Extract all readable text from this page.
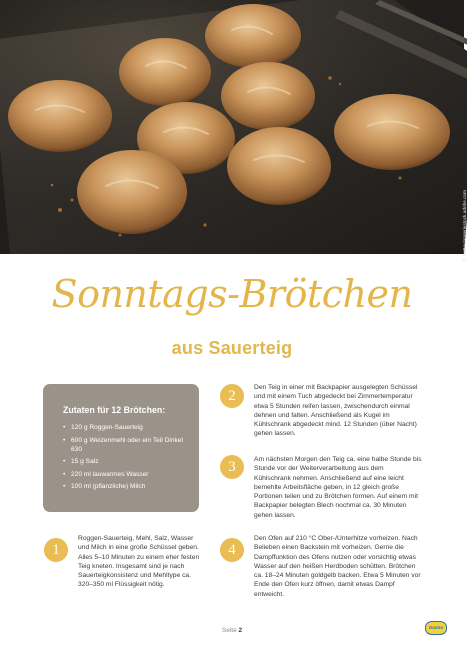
© BeBoulangeriestock.adobe.com
Sonntags-Brötchen
aus Sauerteig
Zutaten für 12 Brötchen:
• 120 g Roggen-Sauerteig
• 600 g Weizenmehl oder ein Teil Dinkel 630
• 15 g Salz
• 220 ml lauwarmes Wasser
• 100 ml (pflanzliche) Milch
1

Roggen-Sauerteig, Mehl, Salz, Wasser und Milch in eine große Schüssel geben. Alles 5–10 Minuten zu einem eher festen Teig kneten. Insgesamt sind je nach Sauerteigkonsistenz und Mehltype ca. 320–350 ml Flüssigkeit nötig.

2

Den Teig in einer mit Backpapier ausgelegten Schüssel und mit einem Tuch abgedeckt bei Zimmertemperatur etwa 5 Stunden reifen lassen, zwischendurch einmal dehnen und falten. Anschließend als Kugel im Kühlschrank abgedeckt mind. 12 Stunden (über Nacht) gehen lassen.

3	Am nächsten Morgen den Teig ca. eine halbe Stunde bis Stunde vor der Weiterverarbeitung aus dem Kühlschrank nehmen. Anschließend auf eine leicht bemehlte Arbeitsfläche geben, in 12 gleich große Portionen teilen und zu Brötchen formen. Auf einem mit Backpapier belegten Blech nochmal ca. 30 Minuten gehen lassen.

4

Den Ofen auf 210 °C Ober-/Unterhitze vorheizen. Nach Belieben einen Backstein mit vorheizen. Gerne die Dampffunktion des Ofens nutzen oder vorsichtig etwas Wasser auf den heißen Herdboden schütten. Brötchen ca. 18–24 Minuten goldgelb backen. Etwa 5 Minuten vor Ende den Ofen kurz öffnen, damit etwas Dampf entweicht.

Seite 2	Gastro
